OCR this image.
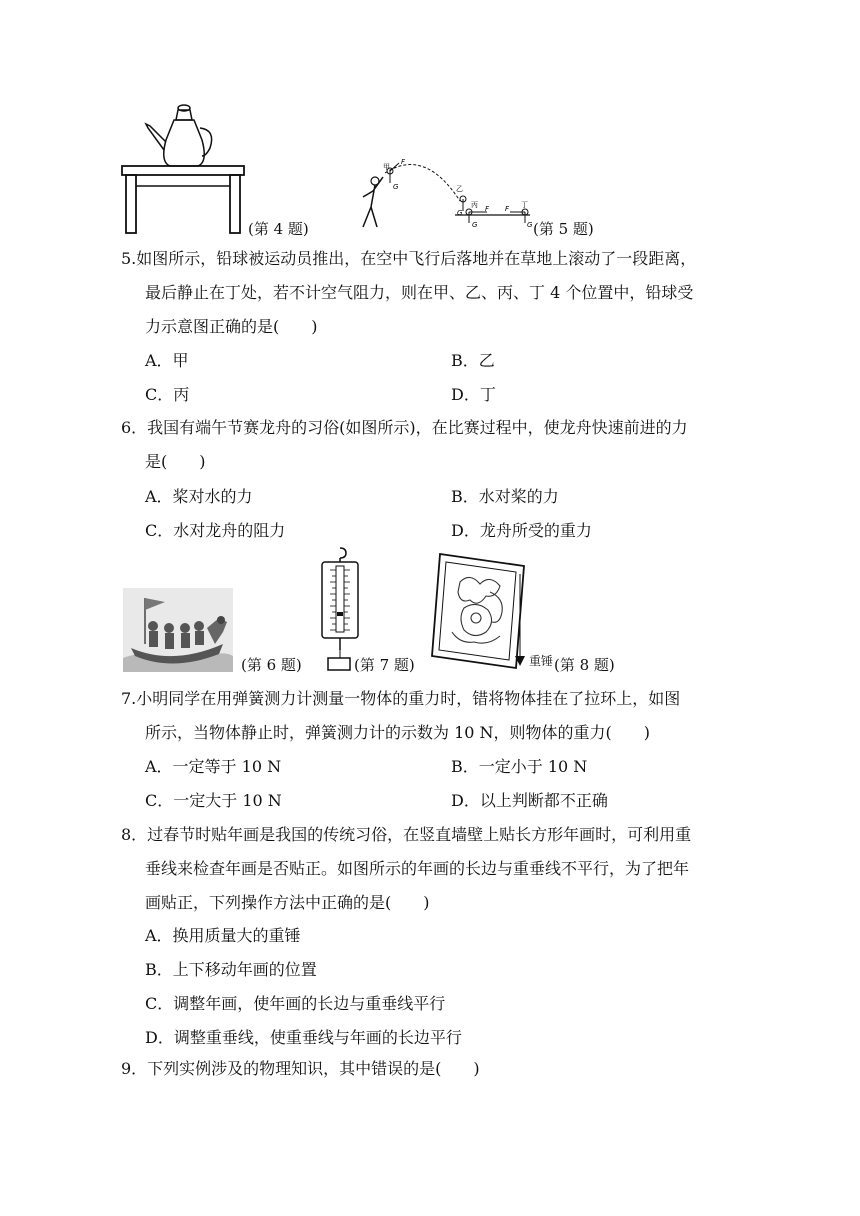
(第 4 题)
甲
F
G	乙
G
丙 F
G
F 丁
G (第 5 题)
5.如图所示，铅球被运动员推出，在空中飞行后落地并在草地上滚动了一段距离，
最后静止在丁处，若不计空气阻力，则在甲、乙、丙、丁 4 个位置中，铅球受
力示意图正确的是(　　)
A．甲	B．乙
C．丙	D．丁
6．我国有端午节赛龙舟的习俗(如图所示)，在比赛过程中，使龙舟快速前进的力
是(　　)
A．桨对水的力	B．水对桨的力
C．水对龙舟的阻力	D．龙舟所受的重力
(第 6 题)	(第 7 题)	重锤 (第 8 题)
7.小明同学在用弹簧测力计测量一物体的重力时，错将物体挂在了拉环上，如图
所示，当物体静止时，弹簧测力计的示数为 10 N，则物体的重力(　　)
A．一定等于 10 N	B．一定小于 10 N
C．一定大于 10 N	D．以上判断都不正确
8．过春节时贴年画是我国的传统习俗，在竖直墙壁上贴长方形年画时，可利用重
垂线来检查年画是否贴正。如图所示的年画的长边与重垂线不平行，为了把年
画贴正，下列操作方法中正确的是(　　)
A．换用质量大的重锤
B．上下移动年画的位置
C．调整年画，使年画的长边与重垂线平行
D．调整重垂线，使重垂线与年画的长边平行
9．下列实例涉及的物理知识，其中错误的是(　　)
